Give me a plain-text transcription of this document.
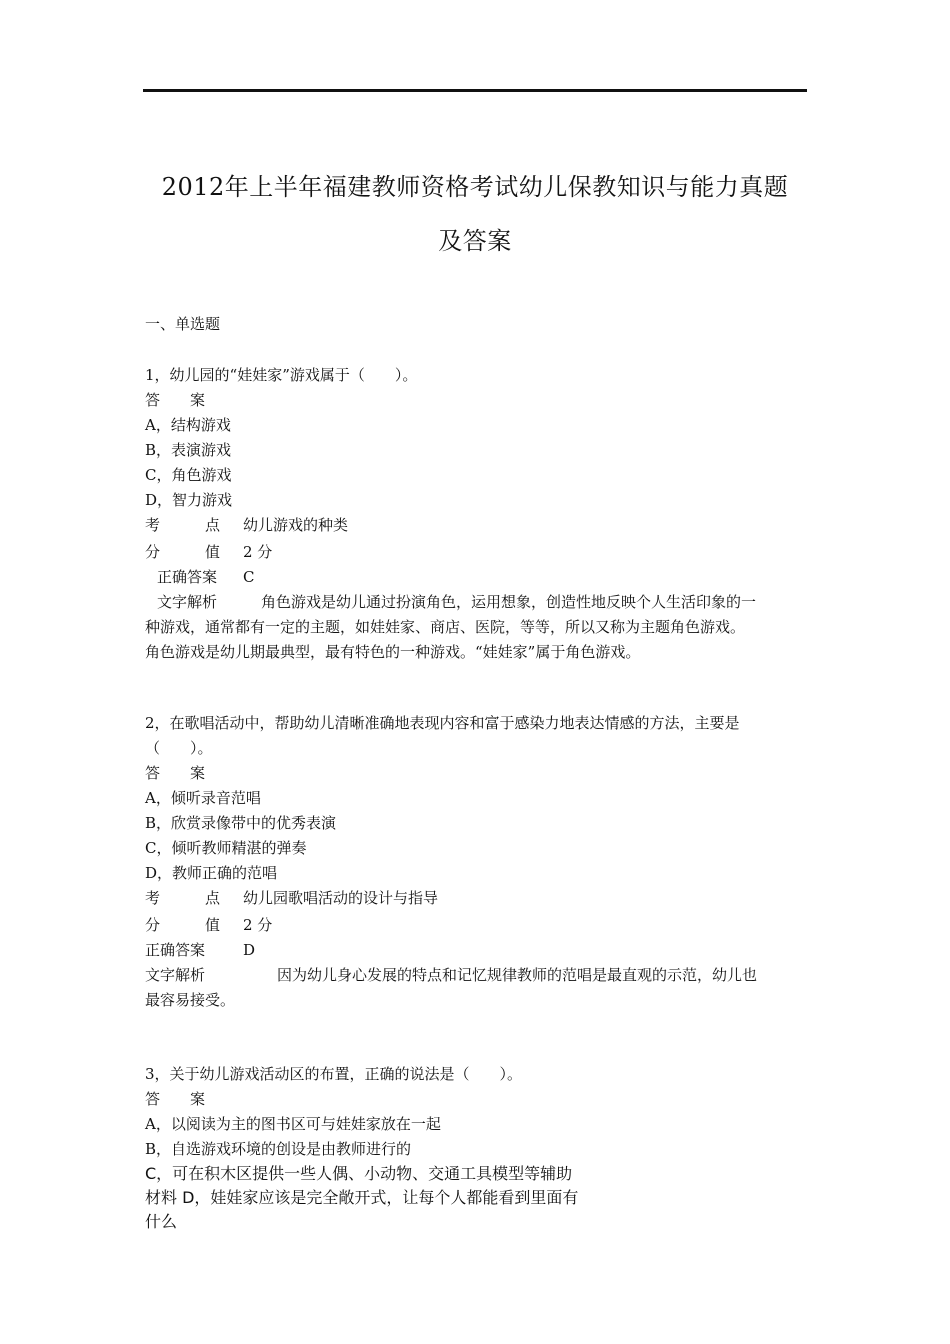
2012年上半年福建教师资格考试幼儿保教知识与能力真题
及答案
一、单选题
1，幼儿园的“娃娃家”游戏属于（　　）。
答　　案
A，结构游戏
B，表演游戏
C，角色游戏
D，智力游戏
考　　　点	幼儿游戏的种类
分　　　值	2 分
正确答案	C
文字解析	角色游戏是幼儿通过扮演角色，运用想象，创造性地反映个人生活印象的一
种游戏，通常都有一定的主题，如娃娃家、商店、医院，等等，所以又称为主题角色游戏。
角色游戏是幼儿期最典型，最有特色的一种游戏。“娃娃家”属于角色游戏。
2，在歌唱活动中，帮助幼儿清晰准确地表现内容和富于感染力地表达情感的方法，主要是
（　　）。
答　　案
A，倾听录音范唱
B，欣赏录像带中的优秀表演
C，倾听教师精湛的弹奏
D，教师正确的范唱
考　　　点	幼儿园歌唱活动的设计与指导
分　　　值	2 分
正确答案	D
文字解析	因为幼儿身心发展的特点和记忆规律教师的范唱是最直观的示范，幼儿也
最容易接受。
3，关于幼儿游戏活动区的布置，正确的说法是（　　）。
答　　案
A，以阅读为主的图书区可与娃娃家放在一起
B，自选游戏环境的创设是由教师进行的
C，可在积木区提供一些人偶、小动物、交通工具模型等辅助
材料 D，娃娃家应该是完全敞开式，让每个人都能看到里面有
什么
